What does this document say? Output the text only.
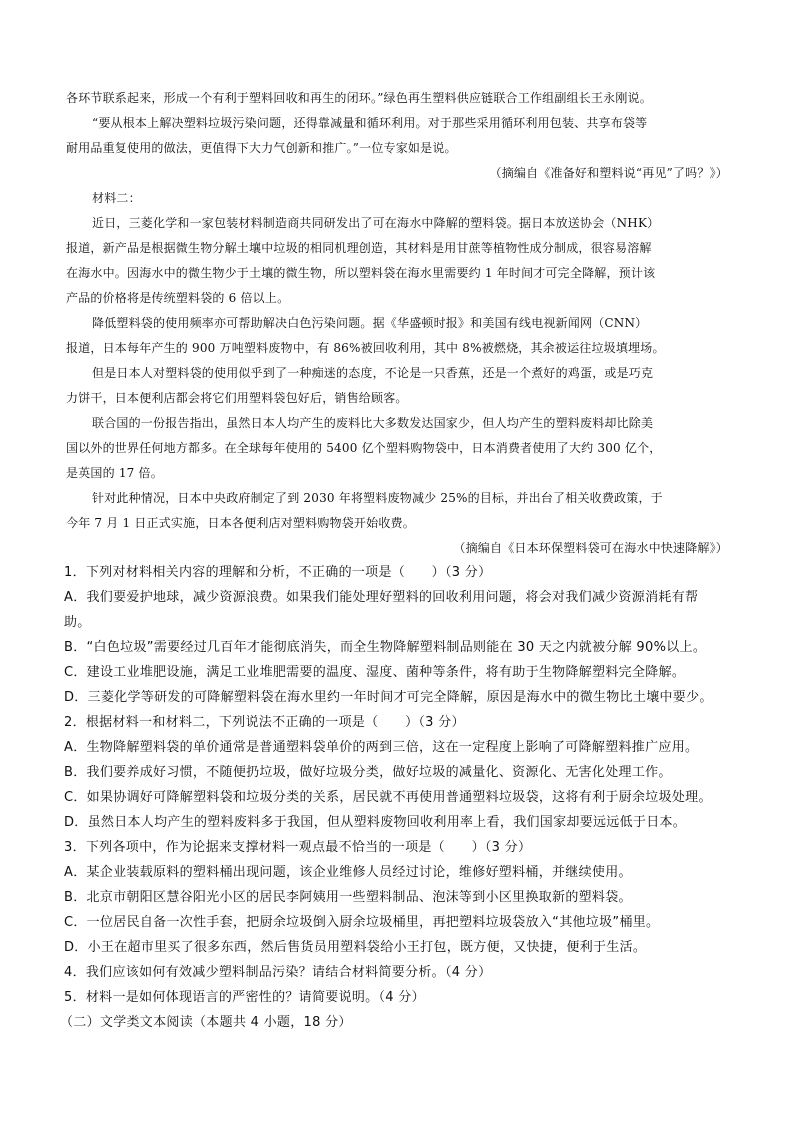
各环节联系起来，形成一个有利于塑料回收和再生的闭环。”绿色再生塑料供应链联合工作组副组长王永刚说。
“要从根本上解决塑料垃圾污染问题，还得靠减量和循环利用。对于那些采用循环利用包装、共享布袋等
耐用品重复使用的做法，更值得下大力气创新和推广。”一位专家如是说。
（摘编自《准备好和塑料说“再见”了吗？》）
材料二：
近日，三菱化学和一家包装材料制造商共同研发出了可在海水中降解的塑料袋。据日本放送协会（NHK）
报道，新产品是根据微生物分解土壤中垃圾的相同机理创造，其材料是用甘蔗等植物性成分制成，很容易溶解
在海水中。因海水中的微生物少于土壤的微生物，所以塑料袋在海水里需要约 1 年时间才可完全降解，预计该
产品的价格将是传统塑料袋的 6 倍以上。
降低塑料袋的使用频率亦可帮助解决白色污染问题。据《华盛顿时报》和美国有线电视新闻网（CNN）
报道，日本每年产生的 900 万吨塑料废物中，有 86%被回收利用，其中 8%被燃烧，其余被运往垃圾填埋场。
但是日本人对塑料袋的使用似乎到了一种痴迷的态度，不论是一只香蕉，还是一个煮好的鸡蛋，或是巧克
力饼干，日本便利店都会将它们用塑料袋包好后，销售给顾客。
联合国的一份报告指出，虽然日本人均产生的废料比大多数发达国家少，但人均产生的塑料废料却比除美
国以外的世界任何地方都多。在全球每年使用的 5400 亿个塑料购物袋中，日本消费者使用了大约 300 亿个，
是英国的 17 倍。
针对此种情况，日本中央政府制定了到 2030 年将塑料废物减少 25%的目标，并出台了相关收费政策，于
今年 7 月 1 日正式实施，日本各便利店对塑料购物袋开始收费。
（摘编自《日本环保塑料袋可在海水中快速降解》）
1．下列对材料相关内容的理解和分析，不正确的一项是（　　）（3 分）
A．我们要爱护地球，减少资源浪费。如果我们能处理好塑料的回收利用问题，将会对我们减少资源消耗有帮
助。
B．“白色垃圾”需要经过几百年才能彻底消失，而全生物降解塑料制品则能在 30 天之内就被分解 90%以上。
C．建设工业堆肥设施，满足工业堆肥需要的温度、湿度、菌种等条件，将有助于生物降解塑料完全降解。
D．三菱化学等研发的可降解塑料袋在海水里约一年时间才可完全降解，原因是海水中的微生物比土壤中要少。
2．根据材料一和材料二，下列说法不正确的一项是（　　）（3 分）
A．生物降解塑料袋的单价通常是普通塑料袋单价的两到三倍，这在一定程度上影响了可降解塑料推广应用。
B．我们要养成好习惯，不随便扔垃圾，做好垃圾分类，做好垃圾的减量化、资源化、无害化处理工作。
C．如果协调好可降解塑料袋和垃圾分类的关系，居民就不再使用普通塑料垃圾袋，这将有利于厨余垃圾处理。
D．虽然日本人均产生的塑料废料多于我国，但从塑料废物回收利用率上看，我们国家却要远远低于日本。
3．下列各项中，作为论据来支撑材料一观点最不恰当的一项是（　　）（3 分）
A．某企业装载原料的塑料桶出现问题，该企业维修人员经过讨论，维修好塑料桶，并继续使用。
B．北京市朝阳区慧谷阳光小区的居民李阿姨用一些塑料制品、泡沫等到小区里换取新的塑料袋。
C．一位居民自备一次性手套，把厨余垃圾倒入厨余垃圾桶里，再把塑料垃圾袋放入“其他垃圾”桶里。
D．小王在超市里买了很多东西，然后售货员用塑料袋给小王打包，既方便，又快捷，便利于生活。
4．我们应该如何有效减少塑料制品污染？请结合材料简要分析。（4 分）
5．材料一是如何体现语言的严密性的？请简要说明。（4 分）
（二）文学类文本阅读（本题共 4 小题，18 分）
